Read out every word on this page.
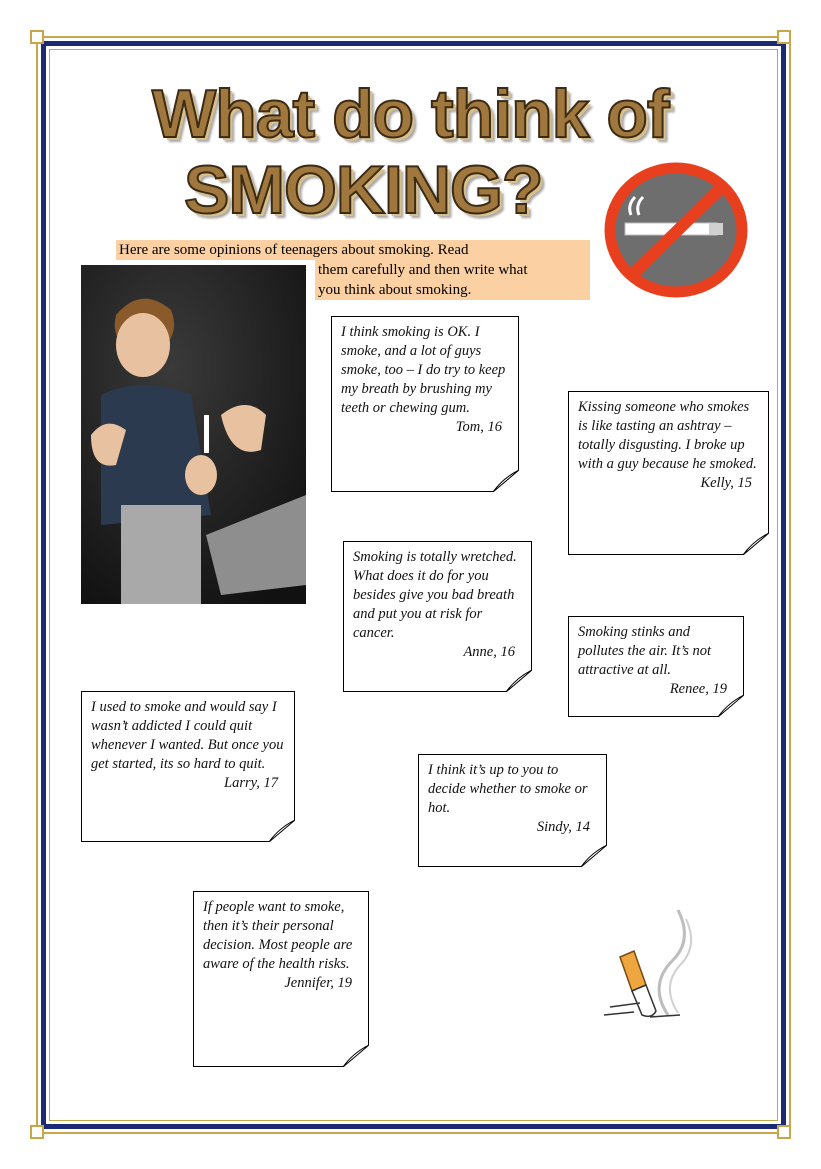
What do think of
SMOKING?
Here are some opinions of teenagers about smoking. Read
them carefully and then write what
you think about smoking.
I think smoking is OK. I smoke, and a lot of guys smoke, too – I do try to keep my breath by brushing my teeth or chewing gum.
Tom, 16
Kissing someone who smokes is like tasting an ashtray – totally disgusting. I broke up with a guy because he smoked.
Kelly, 15
Smoking is totally wretched. What does it do for you besides give you bad breath and put you at risk for cancer.
Anne, 16
Smoking stinks and pollutes the air. It’s not attractive at all.
Renee, 19
I used to smoke and would say I wasn’t addicted I could quit whenever I wanted. But once you get started, its so hard to quit.
Larry, 17
I think it’s up to you to decide whether to smoke or hot.
Sindy, 14
If people want to smoke, then it’s their personal decision. Most people are aware of the health risks.
Jennifer, 19
